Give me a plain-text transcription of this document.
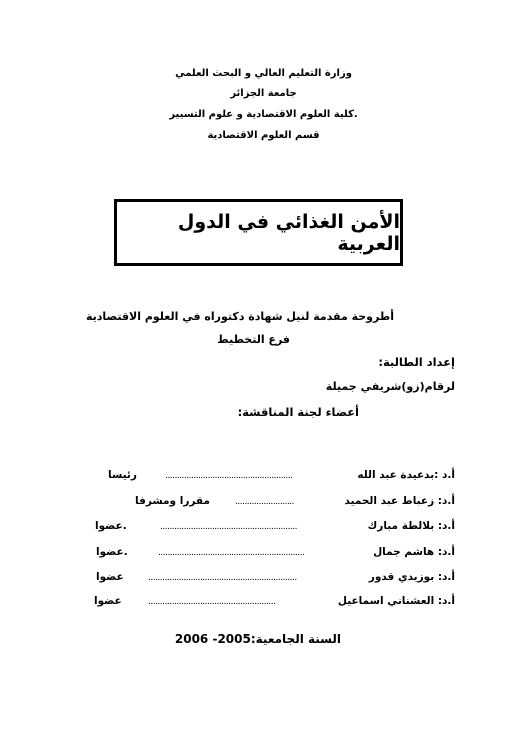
وزارة التعليم العالي و البحث العلمي
جامعة الجزائر
.كلية العلوم الاقتصادية و علوم التسيير
قسم العلوم الاقتصادية
الأمن الغذائي في الدول العربية
أطروحة مقدمة لنيل شهادة دكتوراه في العلوم الاقتصادية
فرع التخطيط
إعداد الطالبة:
لرقام(زو)شريفي جميلة
أعضاء لجنة المناقشة:
أ.د :بدعيدة عبد الله
......................................................
رئيسا
أ.د: زعباط عبد الحميد
.........................
مقررا ومشرفا
أ.د: بلالطة مبارك
..........................................................
.عضوا
أ.د: هاشم جمال
..............................................................
.عضوا
أ.د: بوزيدي قدور
...............................................................
عضوا
أ.د: العشناني اسماعيل
......................................................
عضوا
السنة الجامعية:2005- 2006
